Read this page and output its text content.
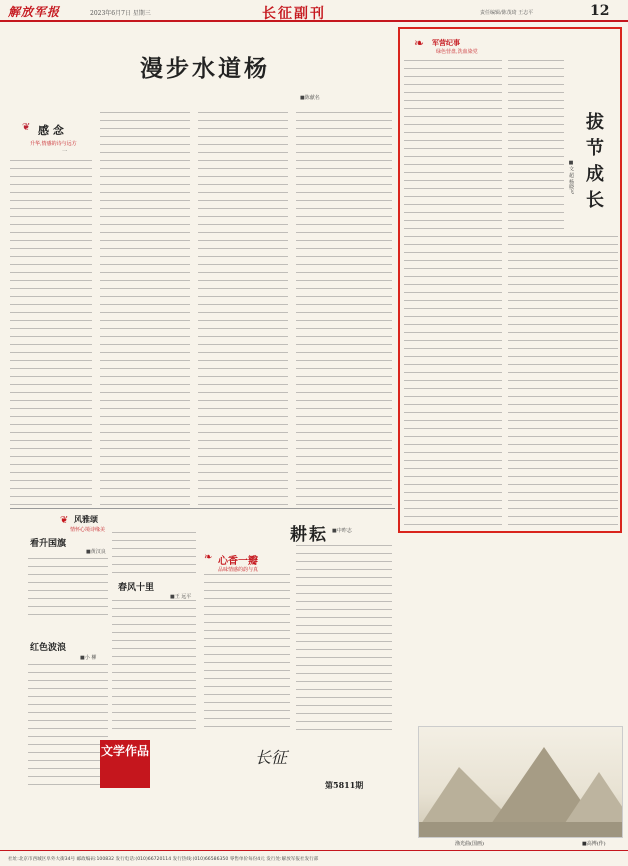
解放军报	2023年6月7日 星期三	长征副刊	责任编辑/陈茂琦 王志平	12
漫步水道杨
■陈献名
❦ 感 念
升华,情感的诗与远方
一
❧ 军营纪事
绿色营盘,洗血染党
拔节成长
■文 超 杨晓飞
❦ 风雅颂
情怀心境诗缘美
看升国旗
■黄汉良
春风十里
■王 远平
红色波浪
■小 柳
文学作品
耕耘 ■中昨志
❧ 心香一瓣
品味情感的韵与真
长征
第5811期
渔光曲(国画)	■高博(作)
社址:北京市西城区阜外大街34号 邮政编码:100832 发行电话:(010)66720114 发行热线:(010)66586350 零售单价每份4元 发行处:解放军报社发行部
